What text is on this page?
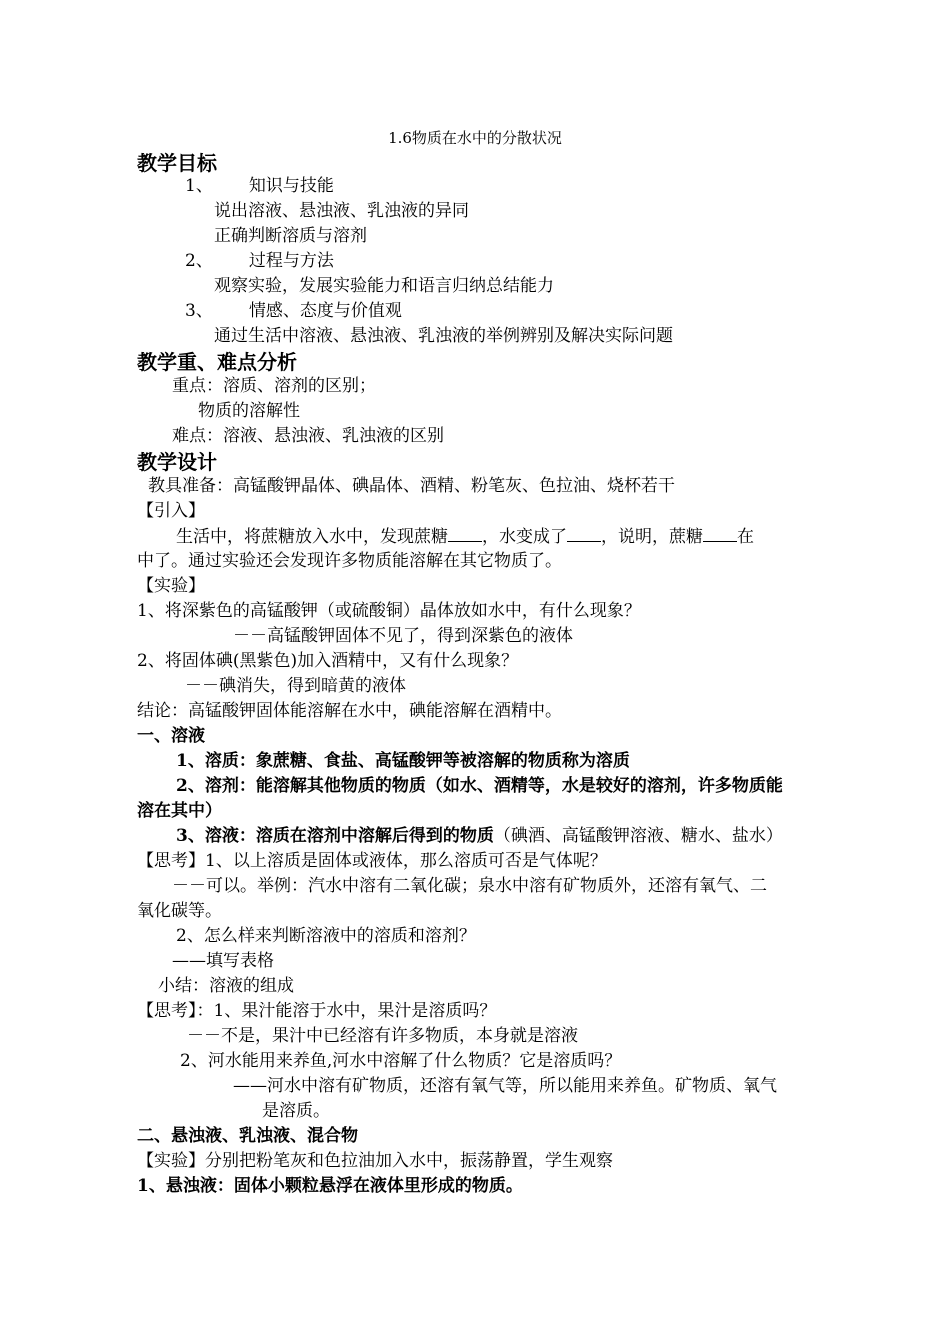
1.6物质在水中的分散状况
教学目标
1、 知识与技能
说出溶液、悬浊液、乳浊液的异同
正确判断溶质与溶剂
2、 过程与方法
观察实验，发展实验能力和语言归纳总结能力
3、 情感、态度与价值观
通过生活中溶液、悬浊液、乳浊液的举例辨别及解决实际问题
教学重、难点分析
重点：溶质、溶剂的区别；
物质的溶解性
难点：溶液、悬浊液、乳浊液的区别
教学设计
教具准备：高锰酸钾晶体、碘晶体、酒精、粉笔灰、色拉油、烧杯若干
【引入】
生活中，将蔗糖放入水中，发现蔗糖 ，水变成了 ，说明，蔗糖 在
中了。通过实验还会发现许多物质能溶解在其它物质了。
【实验】
1、将深紫色的高锰酸钾（或硫酸铜）晶体放如水中，有什么现象？
－－高锰酸钾固体不见了，得到深紫色的液体
2、将固体碘(黑紫色)加入酒精中，又有什么现象？
－－碘消失，得到暗黄的液体
结论：高锰酸钾固体能溶解在水中，碘能溶解在酒精中。
一、溶液
1、溶质：象蔗糖、食盐、高锰酸钾等被溶解的物质称为溶质
2、溶剂：能溶解其他物质的物质（如水、酒精等，水是较好的溶剂，许多物质能
溶在其中）
3、溶液：溶质在溶剂中溶解后得到的物质（碘酒、高锰酸钾溶液、糖水、盐水）
【思考】1、以上溶质是固体或液体，那么溶质可否是气体呢？
－－可以。举例：汽水中溶有二氧化碳；泉水中溶有矿物质外，还溶有氧气、二
氧化碳等。
2、怎么样来判断溶液中的溶质和溶剂？
——填写表格
小结：溶液的组成
【思考】：1、果汁能溶于水中，果汁是溶质吗？
－－不是，果汁中已经溶有许多物质，本身就是溶液
2、河水能用来养鱼,河水中溶解了什么物质？它是溶质吗？
——河水中溶有矿物质，还溶有氧气等，所以能用来养鱼。矿物质、氧气
是溶质。
二、悬浊液、乳浊液、混合物
【实验】分别把粉笔灰和色拉油加入水中，振荡静置，学生观察
1、悬浊液：固体小颗粒悬浮在液体里形成的物质。
